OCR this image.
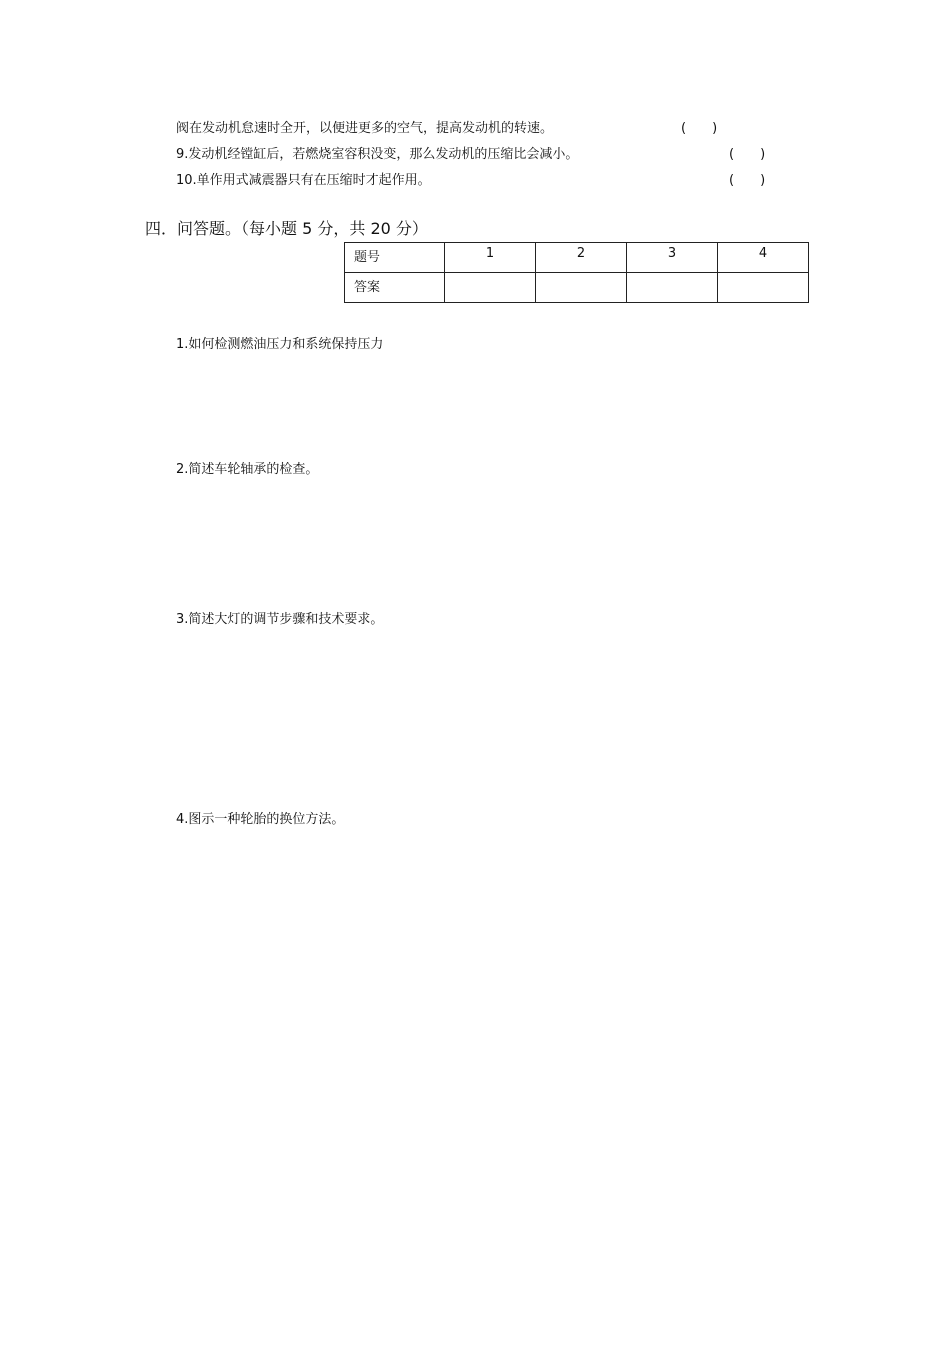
阀在发动机怠速时全开，以便进更多的空气，提高发动机的转速。	(　　)
9.发动机经镗缸后，若燃烧室容积没变，那么发动机的压缩比会减小。	(　　)
10.单作用式减震器只有在压缩时才起作用。	(　　)
四．问答题。（每小题 5 分，共 20 分）
题号	1	2	3	4

答案				

1.如何检测燃油压力和系统保持压力
2.简述车轮轴承的检查。
3.简述大灯的调节步骤和技术要求。
4.图示一种轮胎的换位方法。
